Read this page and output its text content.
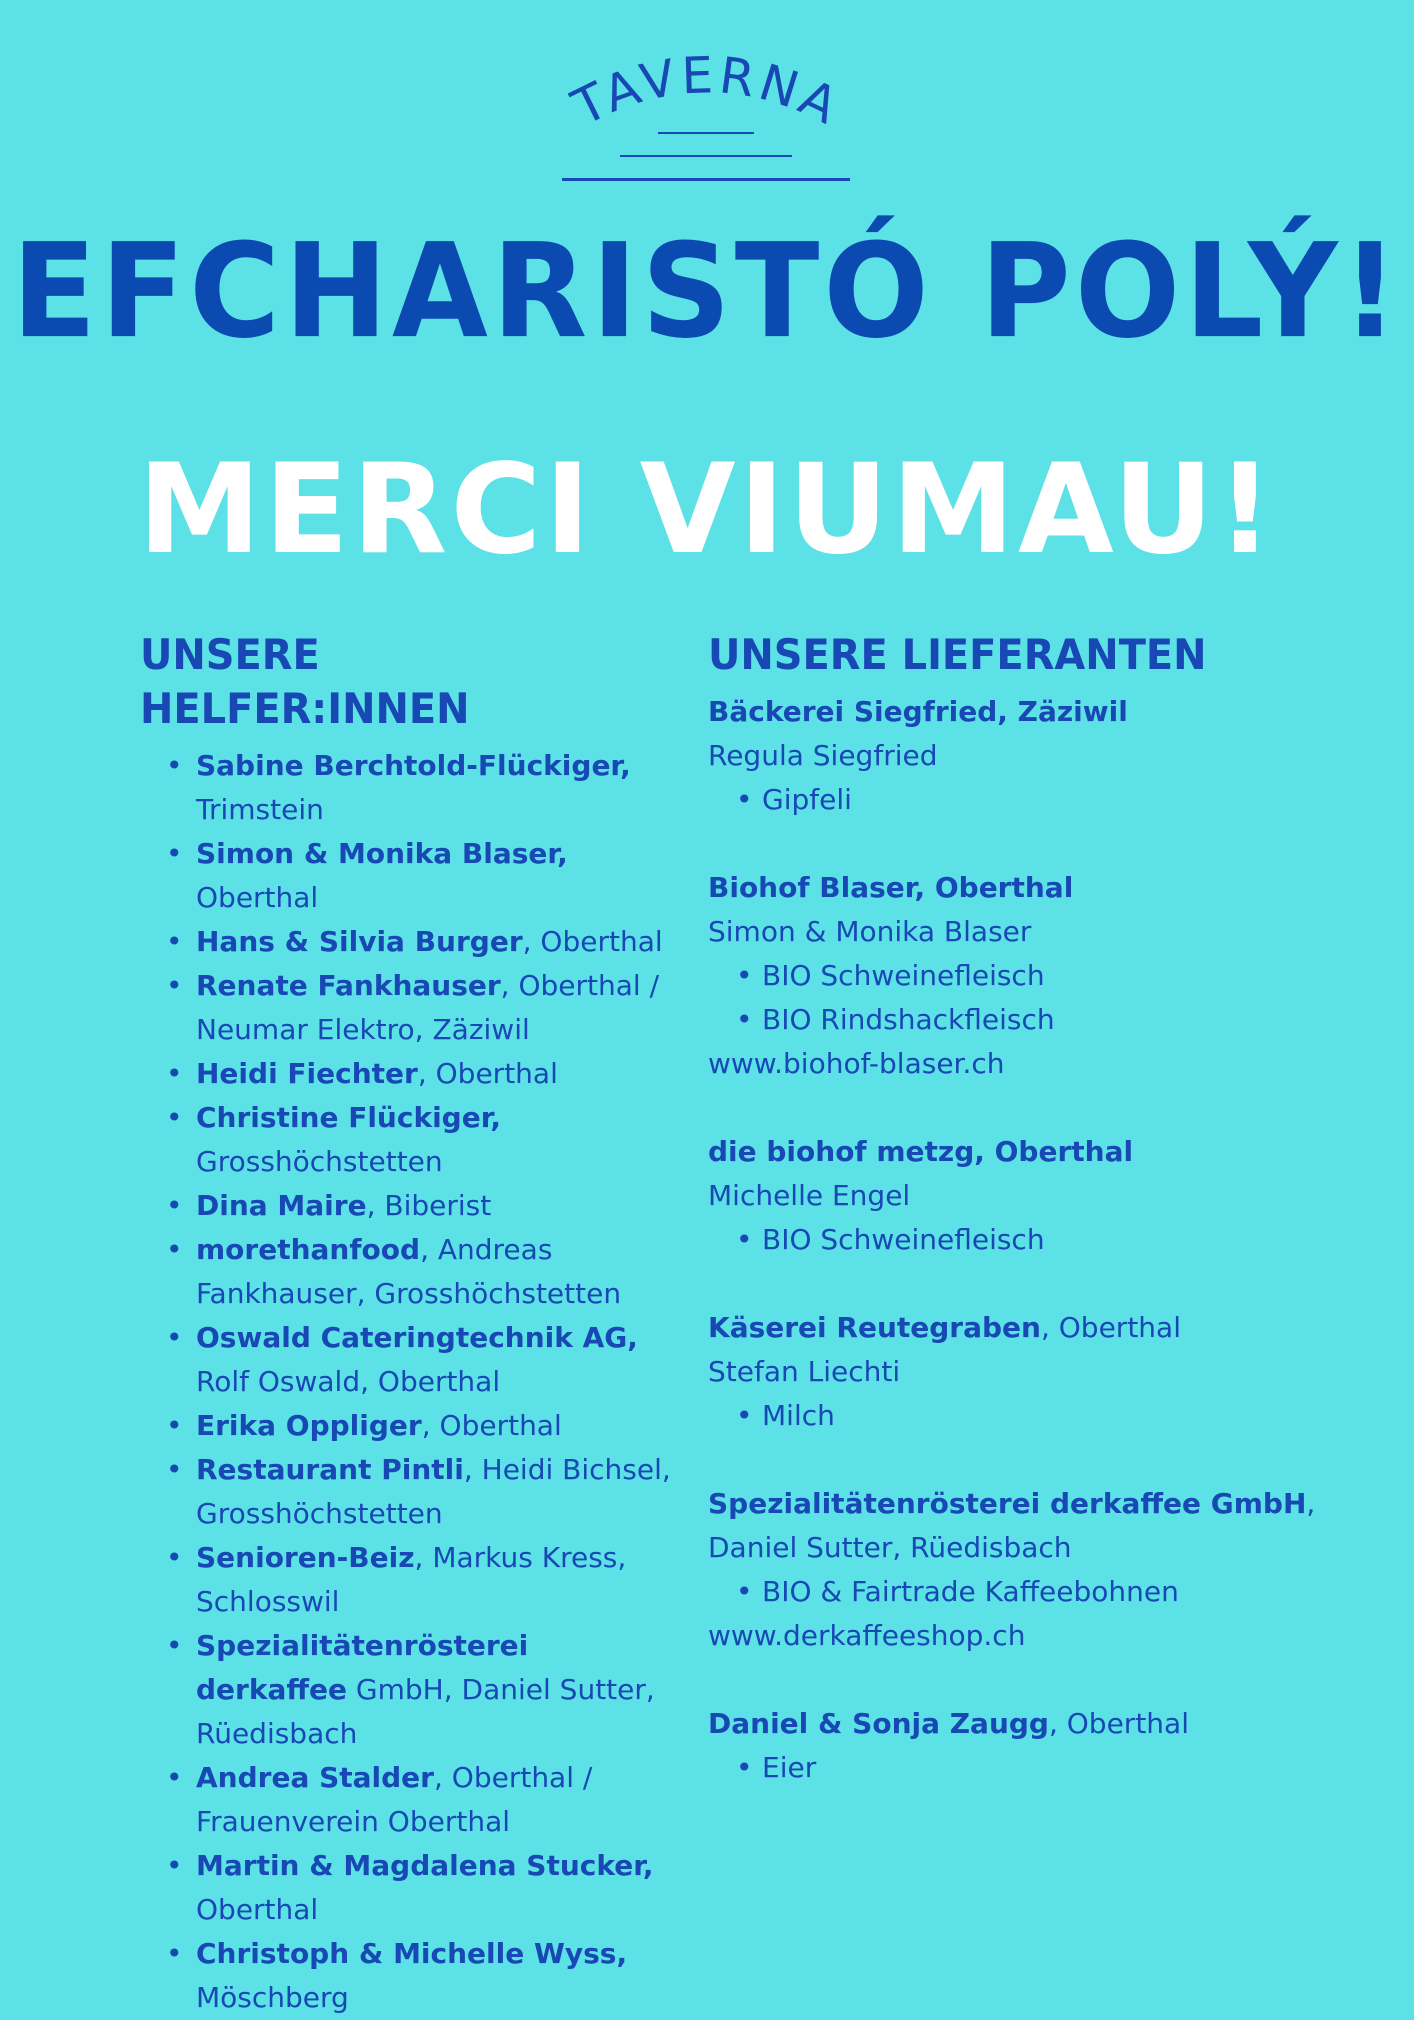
TAVERNA
EFCHARISTÓ POLÝ!
MERCI VIUMAU!
UNSERE HELFER:INNEN
• Sabine Berchtold-Flückiger, Trimstein
• Simon & Monika Blaser, Oberthal
• Hans & Silvia Burger, Oberthal
• Renate Fankhauser, Oberthal / Neumar Elektro, Zäziwil
• Heidi Fiechter, Oberthal
• Christine Flückiger, Grosshöchstetten
• Dina Maire, Biberist
• morethanfood, Andreas Fankhauser, Grosshöchstetten
• Oswald Cateringtechnik AG, Rolf Oswald, Oberthal
• Erika Oppliger, Oberthal
• Restaurant Pintli, Heidi Bichsel, Grosshöchstetten
• Senioren-Beiz, Markus Kress, Schlosswil
• Spezialitätenrösterei derkaffee GmbH, Daniel Sutter, Rüedisbach
• Andrea Stalder, Oberthal / Frauenverein Oberthal
• Martin & Magdalena Stucker, Oberthal
• Christoph & Michelle Wyss, Möschberg
UNSERE LIEFERANTEN
Bäckerei Siegfried, Zäziwil
Regula Siegfried
• Gipfeli
Biohof Blaser, Oberthal
Simon & Monika Blaser
• BIO Schweinefleisch
• BIO Rindshackfleisch
www.biohof-blaser.ch
die biohof metzg, Oberthal
Michelle Engel
• BIO Schweinefleisch
Käserei Reutegraben, Oberthal
Stefan Liechti
• Milch
Spezialitätenrösterei derkaffee GmbH, Daniel Sutter, Rüedisbach
• BIO & Fairtrade Kaffeebohnen
www.derkaffeeshop.ch
Daniel & Sonja Zaugg, Oberthal
• Eier
